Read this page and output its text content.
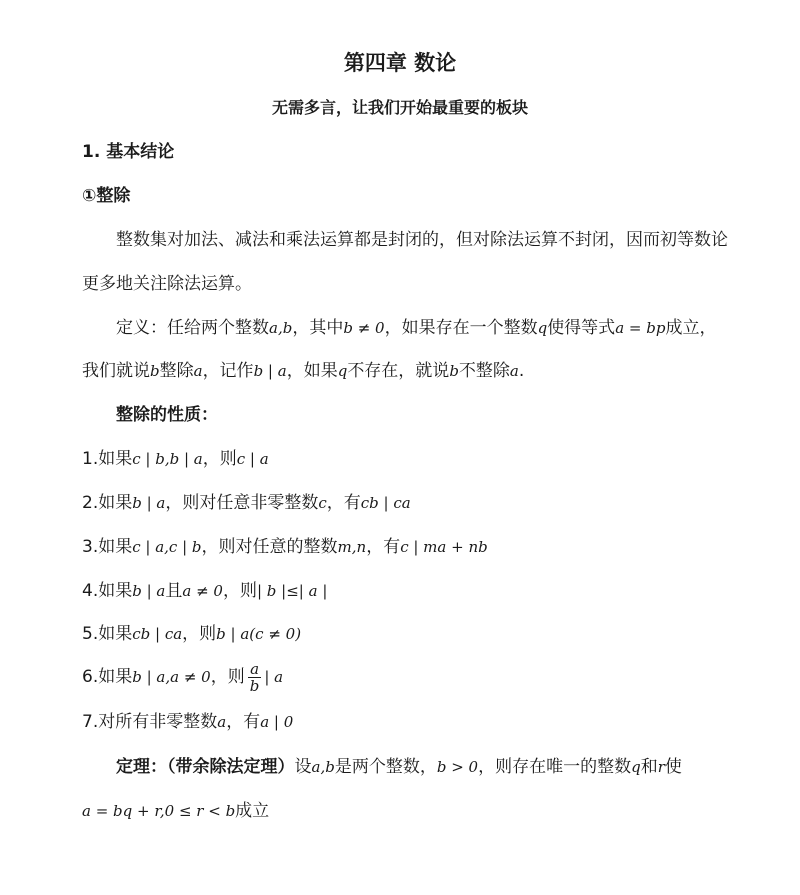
第四章 数论
无需多言，让我们开始最重要的板块
1. 基本结论
①整除
整数集对加法、减法和乘法运算都是封闭的，但对除法运算不封闭，因而初等数论
更多地关注除法运算。
定义：任给两个整数a,b，其中b ≠ 0，如果存在一个整数q使得等式a = bp成立，
我们就说b整除a，记作b | a，如果q不存在，就说b不整除a.
整除的性质：
1.如果c | b,b | a，则c | a
2.如果b | a，则对任意非零整数c，有cb | ca
3.如果c | a,c | b，则对任意的整数m,n，有c | ma + nb
4.如果b | a且a ≠ 0，则| b |≤| a |
5.如果cb | ca，则b | a(c ≠ 0)
6.如果b | a,a ≠ 0，则 $\frac{a}{b}$ | a
7.对所有非零整数a，有a | 0
定理：（带余除法定理）设a,b是两个整数，b > 0，则存在唯一的整数q和r使
a = bq + r,0 ≤ r < b成立
